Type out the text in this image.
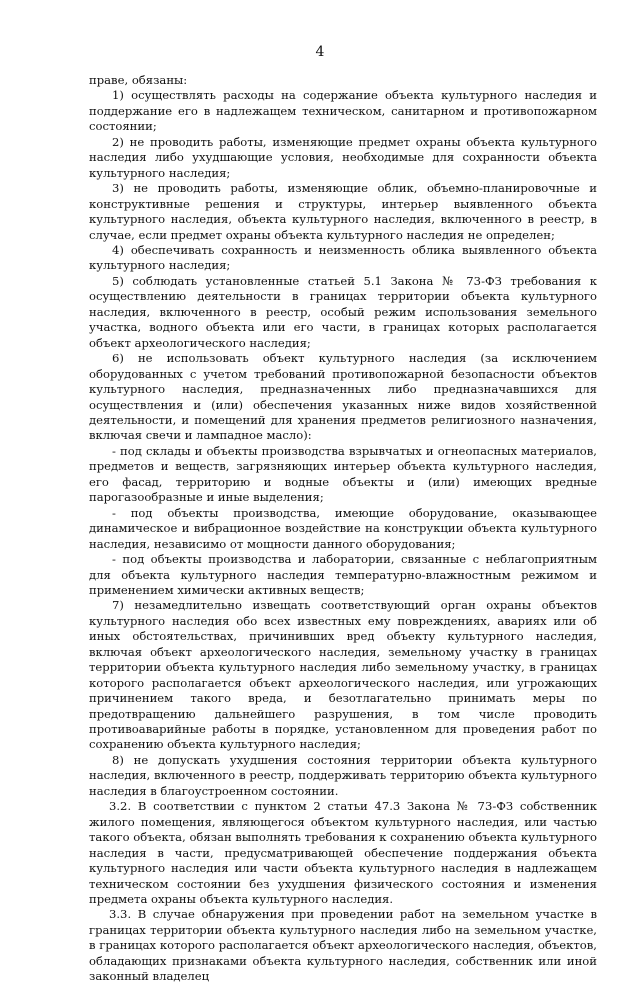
4

праве, обязаны:

1) осуществлять расходы на содержание объекта культурного наследия и поддержание его в надлежащем техническом, санитарном и противопожарном состоянии;

2) не проводить работы, изменяющие предмет охраны объекта культурного наследия либо ухудшающие условия, необходимые для сохранности объекта культурного наследия;

3) не проводить работы, изменяющие облик, объемно-планировочные и конструктивные решения и структуры, интерьер выявленного объекта культурного наследия, объекта культурного наследия, включенного в реестр, в случае, если предмет охраны объекта культурного наследия не определен;

4) обеспечивать сохранность и неизменность облика выявленного объекта культурного наследия;

5) соблюдать установленные статьей 5.1 Закона № 73-ФЗ требования к осуществлению деятельности в границах территории объекта культурного наследия, включенного в реестр, особый режим использования земельного участка, водного объекта или его части, в границах которых располагается объект археологического наследия;

6) не использовать объект культурного наследия (за исключением оборудованных с учетом требований противопожарной безопасности объектов культурного наследия, предназначенных либо предназначавшихся для осуществления и (или) обеспечения указанных ниже видов хозяйственной деятельности, и помещений для хранения предметов религиозного назначения, включая свечи и лампадное масло):

- под склады и объекты производства взрывчатых и огнеопасных материалов, предметов и веществ, загрязняющих интерьер объекта культурного наследия, его фасад, территорию и водные объекты и (или) имеющих вредные парогазообразные и иные выделения;

- под объекты производства, имеющие оборудование, оказывающее динамическое и вибрационное воздействие на конструкции объекта культурного наследия, независимо от мощности данного оборудования;

- под объекты производства и лаборатории, связанные с неблагоприятным для объекта культурного наследия температурно-влажностным режимом и применением химически активных веществ;

7) незамедлительно извещать соответствующий орган охраны объектов культурного наследия обо всех известных ему повреждениях, авариях или об иных обстоятельствах, причинивших вред объекту культурного наследия, включая объект археологического наследия, земельному участку в границах территории объекта культурного наследия либо земельному участку, в границах которого располагается объект археологического наследия, или угрожающих причинением такого вреда, и безотлагательно принимать меры по предотвращению дальнейшего разрушения, в том числе проводить противоаварийные работы в порядке, установленном для проведения работ по сохранению объекта культурного наследия;

8) не допускать ухудшения состояния территории объекта культурного наследия, включенного в реестр, поддерживать территорию объекта культурного наследия в благоустроенном состоянии.

3.2. В соответствии с пунктом 2 статьи 47.3 Закона № 73-ФЗ собственник жилого помещения, являющегося объектом культурного наследия, или частью такого объекта, обязан выполнять требования к сохранению объекта культурного наследия в части, предусматривающей обеспечение поддержания объекта культурного наследия или части объекта культурного наследия в надлежащем техническом состоянии без ухудшения физического состояния и изменения предмета охраны объекта культурного наследия.

3.3. В случае обнаружения при проведении работ на земельном участке в границах территории объекта культурного наследия либо на земельном участке, в границах которого располагается объект археологического наследия, объектов, обладающих признаками объекта культурного наследия, собственник или иной законный владелец
